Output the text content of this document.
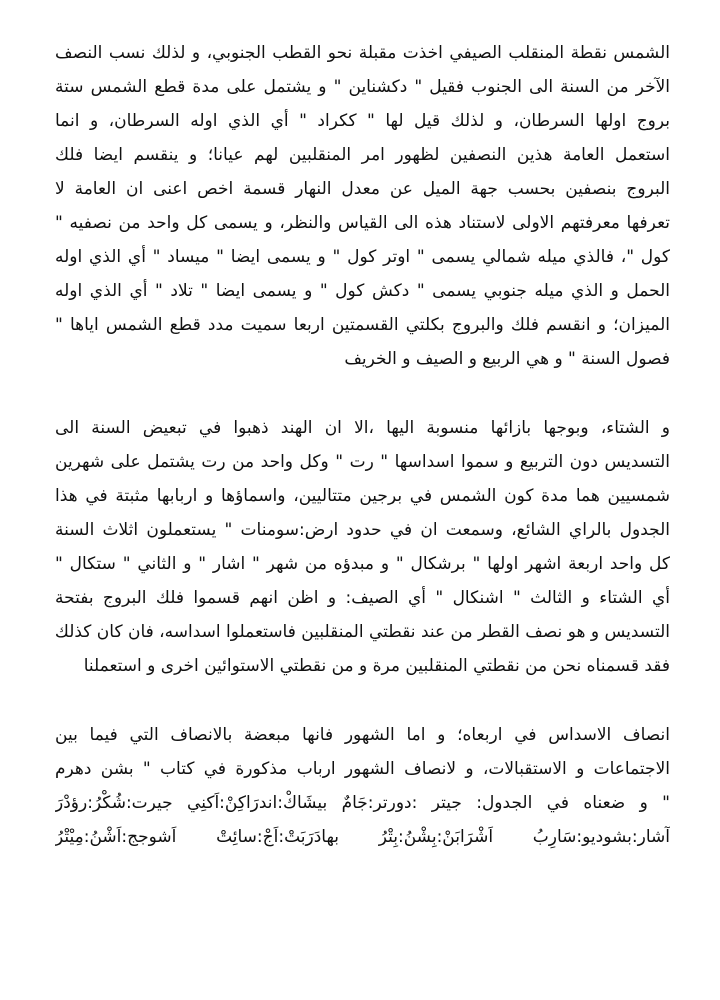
الشمس نقطة المنقلب الصيفي اخذت مقبلة نحو القطب الجنوبي، و لذلك نسب النصف
الآخر من السنة الى الجنوب فقيل " دكشناين " و يشتمل على مدة قطع الشمس ستة
بروج اولها السرطان، و لذلك قيل لها " ككراد " أي الذي اوله السرطان، و انما
استعمل العامة هذين النصفين لظهور امر المنقلبين لهم عيانا؛ و ينقسم ايضا فلك
البروج بنصفين بحسب جهة الميل عن معدل النهار قسمة اخص اعنى ان العامة لا
تعرفها معرفتهم الاولى لاستناد هذه الى القياس والنظر، و يسمى كل واحد من نصفيه "
كول "، فالذي ميله شمالي يسمى " اوتر كول " و يسمى ايضا " ميساد " أي الذي اوله
الحمل و الذي ميله جنوبي يسمى " دكش كول " و يسمى ايضا " تلاد " أي الذي اوله
الميزان؛ و انقسم فلك والبروج بكلتي القسمتين اربعا سميت مدد قطع الشمس اياها "
فصول السنة " و هي الربيع و الصيف و الخريف
و الشتاء، وبوجها بازائها منسوبة اليها ،الا ان الهند ذهبوا في تبعيض السنة الى
التسديس دون التربيع و سموا اسداسها " رت " وكل واحد من رت يشتمل على شهرين
شمسيين هما مدة كون الشمس في برجين متتاليين، واسماؤها و اربابها مثبتة في هذا
الجدول بالراي الشائع، وسمعت ان في حدود ارض:سومنات " يستعملون اثلاث السنة
كل واحد اربعة اشهر اولها " برشكال " و مبدؤه من شهر " اشار " و الثاني " ستكال "
أي الشتاء و الثالث " اشنكال " أي الصيف: و اظن انهم قسموا فلك البروج بفتحة
التسديس و هو نصف القطر من عند نقطتي المنقلبين فاستعملوا اسداسه، فان كان كذلك
فقد قسمناه نحن من نقطتي المنقلبين مرة و من نقطتي الاستوائين اخرى و استعملنا
انصاف الاسداس في اربعاه؛ و اما الشهور فانها مبعضة بالانصاف التي فيما بين
الاجتماعات و الاستقبالات، و لانصاف الشهور ارباب مذكورة في كتاب " بشن دهرم
" و ضعناه في الجدول: جيتر :دورتر:جَامٌ بيشَاكْ:اندرَاكِنْ:اَكنِي جيرت:شُكْرُ:رؤدْرَ
آشار:بشوديو:سَارِبُ اَشْرَابَنْ:بِشْنُ:بِتْرُ بهادَرَبَتْ:اَجْ:سائِتْ اَشوجج:اَشْنُ:مِيْتْرُ
